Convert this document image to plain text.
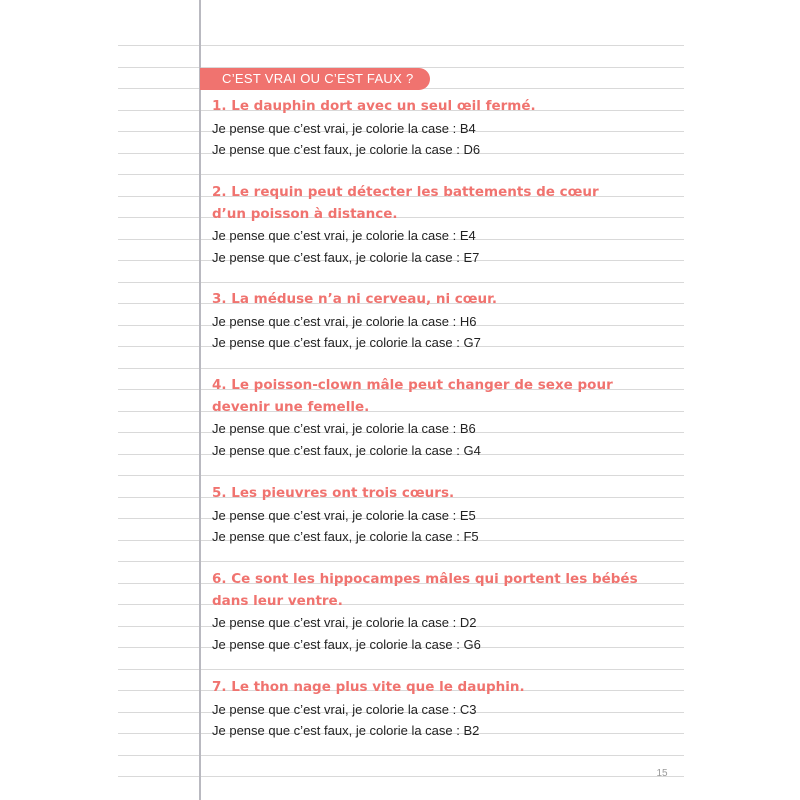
C’EST VRAI OU C’EST FAUX ?

1. Le dauphin dort avec un seul œil fermé.

Je pense que c’est vrai, je colorie la case : B4

Je pense que c’est faux, je colorie la case : D6

2. Le requin peut détecter les battements de cœur

d’un poisson à distance.

Je pense que c’est vrai, je colorie la case : E4

Je pense que c’est faux, je colorie la case : E7

3. La méduse n’a ni cerveau, ni cœur.

Je pense que c’est vrai, je colorie la case : H6

Je pense que c’est faux, je colorie la case : G7

4. Le poisson-clown mâle peut changer de sexe pour

devenir une femelle.

Je pense que c’est vrai, je colorie la case : B6

Je pense que c’est faux, je colorie la case : G4

5. Les pieuvres ont trois cœurs.

Je pense que c’est vrai, je colorie la case : E5

Je pense que c’est faux, je colorie la case : F5

6. Ce sont les hippocampes mâles qui portent les bébés

dans leur ventre.

Je pense que c’est vrai, je colorie la case : D2

Je pense que c’est faux, je colorie la case : G6

7. Le thon nage plus vite que le dauphin.

Je pense que c’est vrai, je colorie la case : C3

Je pense que c’est faux, je colorie la case : B2

15
